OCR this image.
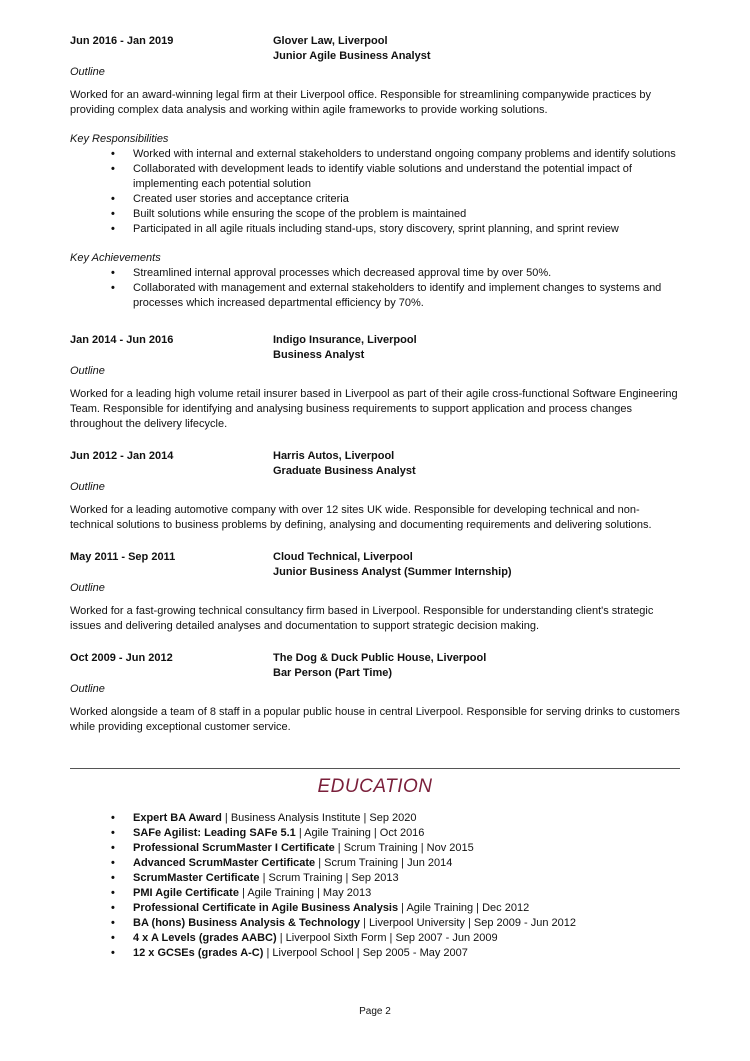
Jun 2016 - Jan 2019	Glover Law, Liverpool
Junior Agile Business Analyst
Outline
Worked for an award-winning legal firm at their Liverpool office. Responsible for streamlining companywide practices by providing complex data analysis and working within agile frameworks to provide working solutions.
Key Responsibilities
• Worked with internal and external stakeholders to understand ongoing company problems and identify solutions
• Collaborated with development leads to identify viable solutions and understand the potential impact of implementing each potential solution
• Created user stories and acceptance criteria
• Built solutions while ensuring the scope of the problem is maintained
• Participated in all agile rituals including stand-ups, story discovery, sprint planning, and sprint review
Key Achievements
• Streamlined internal approval processes which decreased approval time by over 50%.
• Collaborated with management and external stakeholders to identify and implement changes to systems and processes which increased departmental efficiency by 70%.
Jan 2014 - Jun 2016	Indigo Insurance, Liverpool
Business Analyst
Outline
Worked for a leading high volume retail insurer based in Liverpool as part of their agile cross-functional Software Engineering Team. Responsible for identifying and analysing business requirements to support application and process changes throughout the delivery lifecycle.
Jun 2012 - Jan 2014	Harris Autos, Liverpool
Graduate Business Analyst
Outline
Worked for a leading automotive company with over 12 sites UK wide. Responsible for developing technical and non-technical solutions to business problems by defining, analysing and documenting requirements and delivering solutions.
May 2011 - Sep 2011	Cloud Technical, Liverpool
Junior Business Analyst (Summer Internship)
Outline
Worked for a fast-growing technical consultancy firm based in Liverpool. Responsible for understanding client's strategic issues and delivering detailed analyses and documentation to support strategic decision making.
Oct 2009 - Jun 2012	The Dog & Duck Public House, Liverpool
Bar Person (Part Time)
Outline
Worked alongside a team of 8 staff in a popular public house in central Liverpool. Responsible for serving drinks to customers while providing exceptional customer service.
EDUCATION
• Expert BA Award | Business Analysis Institute | Sep 2020
• SAFe Agilist: Leading SAFe 5.1 | Agile Training | Oct 2016
• Professional ScrumMaster I Certificate | Scrum Training | Nov 2015
• Advanced ScrumMaster Certificate | Scrum Training | Jun 2014
• ScrumMaster Certificate | Scrum Training | Sep 2013
• PMI Agile Certificate | Agile Training | May 2013
• Professional Certificate in Agile Business Analysis | Agile Training | Dec 2012
• BA (hons) Business Analysis & Technology | Liverpool University | Sep 2009 - Jun 2012
• 4 x A Levels (grades AABC) | Liverpool Sixth Form | Sep 2007 - Jun 2009
• 12 x GCSEs (grades A-C) | Liverpool School | Sep 2005 - May 2007
Page 2
